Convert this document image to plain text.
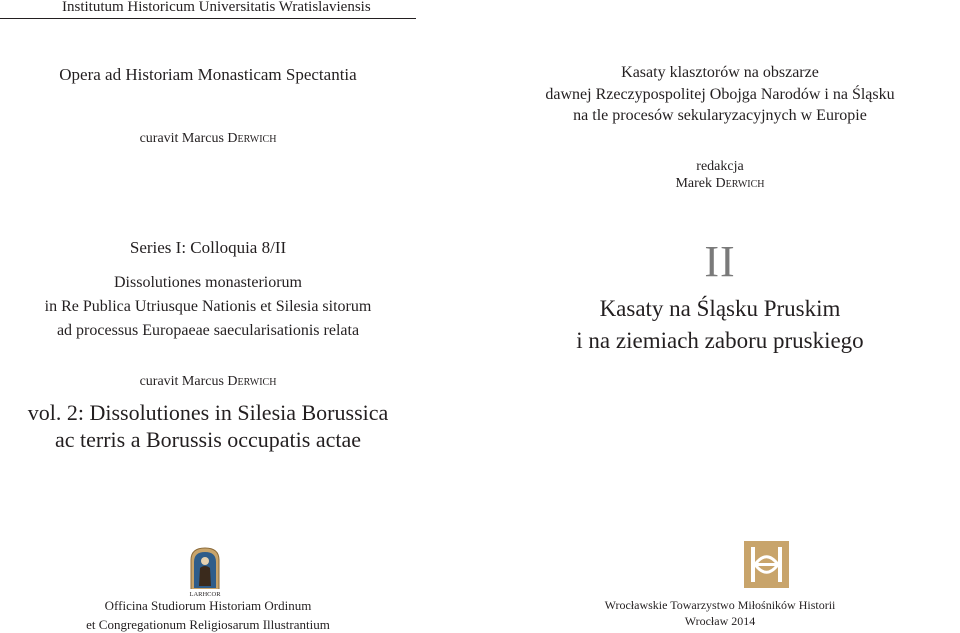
Institutum Historicum Universitatis Wratislaviensis
Opera ad Historiam Monasticam Spectantia
curavit Marcus Derwich
Series I: Colloquia 8/II
Dissolutiones monasteriorum
in Re Publica Utriusque Nationis et Silesia sitorum
ad processus Europaeae saecularisationis relata
curavit Marcus Derwich
vol. 2: Dissolutiones in Silesia Borussica
ac terris a Borussis occupatis actae
LARHCOR
Officina Studiorum Historiam Ordinum
et Congregationum Religiosarum Illustrantium
Kasaty klasztorów na obszarze
dawnej Rzeczypospolitej Obojga Narodów i na Śląsku
na tle procesów sekularyzacyjnych w Europie
redakcja
Marek Derwich
II
Kasaty na Śląsku Pruskim
i na ziemiach zaboru pruskiego
Wrocławskie Towarzystwo Miłośników Historii
Wrocław 2014
